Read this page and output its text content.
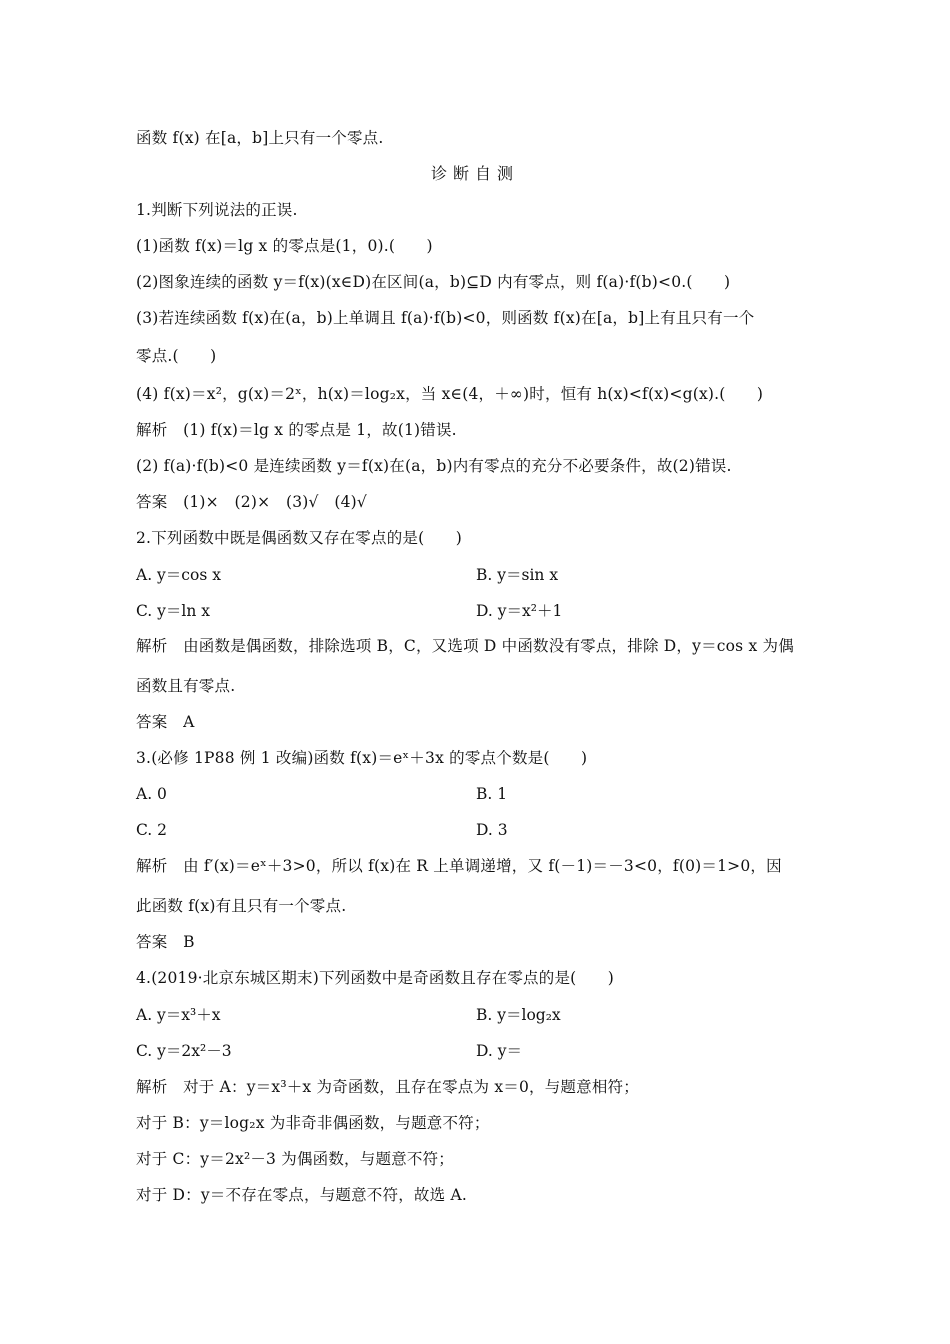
函数 f(x) 在[a，b]上只有一个零点.
诊断自测
1.判断下列说法的正误.
(1)函数 f(x)＝lg x 的零点是(1，0).(　　)
(2)图象连续的函数 y＝f(x)(x∈D)在区间(a，b)⊆D 内有零点，则 f(a)·f(b)<0.(　　)
(3)若连续函数 f(x)在(a，b)上单调且 f(a)·f(b)<0，则函数 f(x)在[a，b]上有且只有一个
零点.(　　)
(4) f(x)＝x²，g(x)＝2ˣ，h(x)＝log₂x，当 x∈(4，＋∞)时，恒有 h(x)<f(x)<g(x).(　　)
解析　(1) f(x)＝lg x 的零点是 1，故(1)错误.
(2) f(a)·f(b)<0 是连续函数 y＝f(x)在(a，b)内有零点的充分不必要条件，故(2)错误.
答案　(1)×　(2)×　(3)√　(4)√
2.下列函数中既是偶函数又存在零点的是(　　)
A. y＝cos x	B. y＝sin x
C. y＝ln x	D. y＝x²＋1
解析　由函数是偶函数，排除选项 B，C，又选项 D 中函数没有零点，排除 D，y＝cos x 为偶
函数且有零点.
答案　A
3.(必修 1P88 例 1 改编)函数 f(x)＝eˣ＋3x 的零点个数是(　　)
A. 0	B. 1
C. 2	D. 3
解析　由 f′(x)＝eˣ＋3>0，所以 f(x)在 R 上单调递增，又 f(－1)＝－3<0，f(0)＝1>0，因
此函数 f(x)有且只有一个零点.
答案　B
4.(2019·北京东城区期末)下列函数中是奇函数且存在零点的是(　　)
A. y＝x³＋x	B. y＝log₂x
C. y＝2x²－3	D. y＝
解析　对于 A：y＝x³＋x 为奇函数，且存在零点为 x＝0，与题意相符；
对于 B：y＝log₂x 为非奇非偶函数，与题意不符；
对于 C：y＝2x²－3 为偶函数，与题意不符；
对于 D：y＝不存在零点，与题意不符，故选 A.
